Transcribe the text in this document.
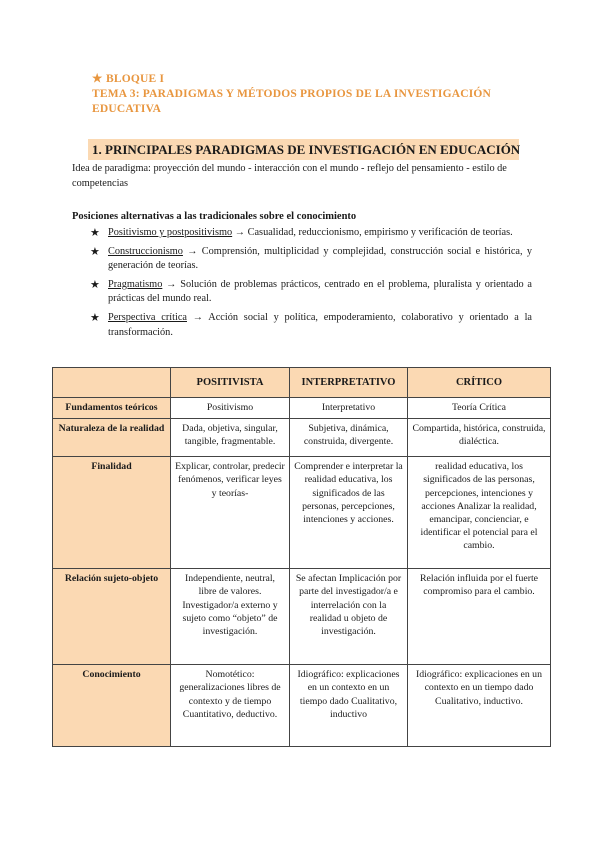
★ BLOQUE I
TEMA 3: PARADIGMAS Y MÉTODOS PROPIOS DE LA INVESTIGACIÓN EDUCATIVA
1. PRINCIPALES PARADIGMAS DE INVESTIGACIÓN EN EDUCACIÓN
Idea de paradigma: proyección del mundo - interacción con el mundo - reflejo del pensamiento - estilo de competencias
Posiciones alternativas a las tradicionales sobre el conocimiento
★ Positivismo y postpositivismo → Casualidad, reduccionismo, empirismo y verificación de teorías.
★ Construccionismo → Comprensión, multiplicidad y complejidad, construcción social e histórica, y generación de teorías.
★ Pragmatismo → Solución de problemas prácticos, centrado en el problema, pluralista y orientado a prácticas del mundo real.
★ Perspectiva crítica → Acción social y política, empoderamiento, colaborativo y orientado a la transformación.
	POSITIVISTA	INTERPRETATIVO	CRÍTICO
Fundamentos teóricos	Positivismo	Interpretativo	Teoría Crítica
Naturaleza de la realidad	Dada, objetiva, singular, tangible, fragmentable.	Subjetiva, dinámica, construida, divergente.	Compartida, histórica, construida, dialéctica.
Finalidad	Explicar, controlar, predecir fenómenos, verificar leyes y teorías-	Comprender e interpretar la realidad educativa, los significados de las personas, percepciones, intenciones y acciones.	realidad educativa, los significados de las personas, percepciones, intenciones y acciones Analizar la realidad, emancipar, concienciar, e identificar el potencial para el cambio.
Relación sujeto-objeto	Independiente, neutral, libre de valores. Investigador/a externo y sujeto como “objeto” de investigación.	Se afectan Implicación por parte del investigador/a e interrelación con la realidad u objeto de investigación.	Relación influida por el fuerte compromiso para el cambio.
Conocimiento	Nomotético: generalizaciones libres de contexto y de tiempo Cuantitativo, deductivo.	Idiográfico: explicaciones en un contexto en un tiempo dado Cualitativo, inductivo	Idiográfico: explicaciones en un contexto en un tiempo dado Cualitativo, inductivo.
